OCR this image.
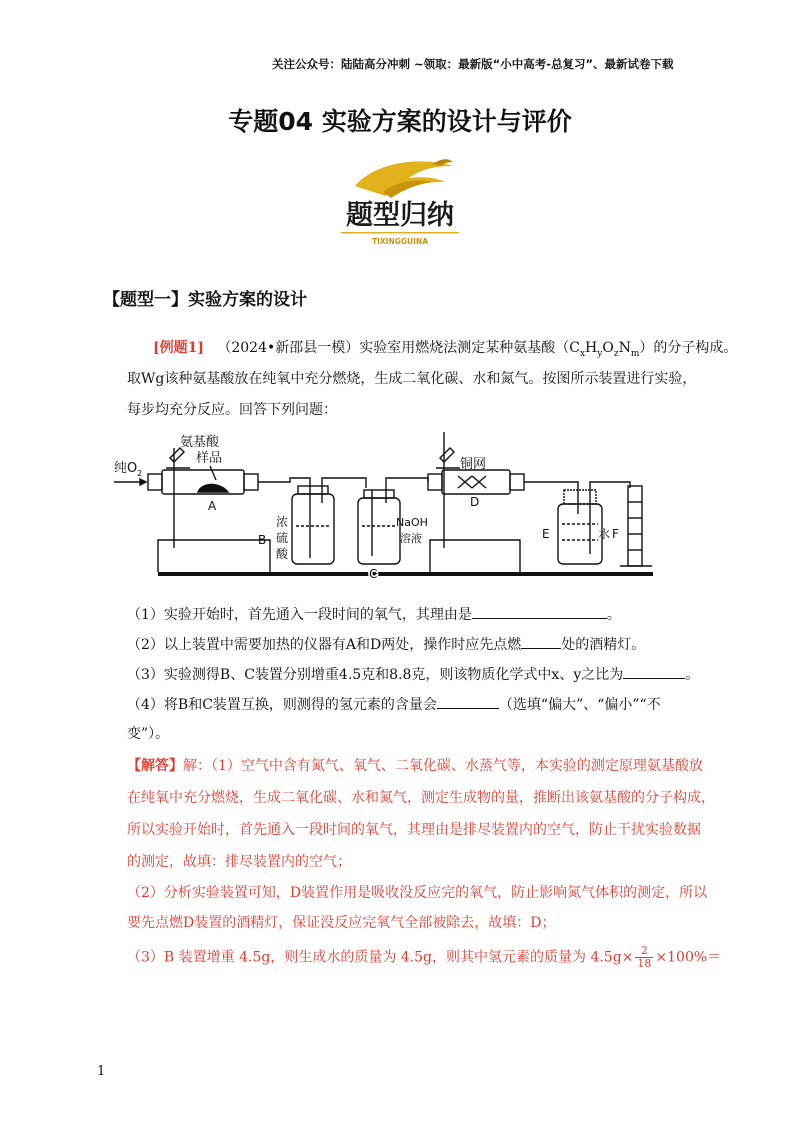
关注公众号：陆陆高分冲刺 ~领取：最新版“小中高考-总复习”、最新试卷下载
专题04 实验方案的设计与评价
题型归纳
TIXINGGUINA
【题型一】实验方案的设计
[例题1] （2024•新邵县一模）实验室用燃烧法测定某种氨基酸$(C_xH_yO_zN_m)$的分子构成。
取Wg该种氨基酸放在纯氧中充分燃烧，生成二氧化碳、水和氮气。按图所示装置进行实验，
每步均充分反应。回答下列问题：
纯O 2
氨基酸
样品
A
浓
硫
酸
B
NaOH
溶液
C
铜网
D
E	水 F
（1）实验开始时，首先通入一段时间的氧气，其理由是	。
（2）以上装置中需要加热的仪器有A和D两处，操作时应先点燃	处的酒精灯。
（3）实验测得B、C装置分别增重4.5克和8.8克，则该物质化学式中x、y之比为	。
（4）将B和C装置互换，则测得的氢元素的含量会	（选填“偏大”、“偏小”“不
变”）。
【解答】解：（1）空气中含有氮气、氧气、二氧化碳、水蒸气等，本实验的测定原理氨基酸放
在纯氧中充分燃烧，生成二氧化碳、水和氮气，测定生成物的量，推断出该氨基酸的分子构成，
所以实验开始时，首先通入一段时间的氧气，其理由是排尽装置内的空气，防止干扰实验数据
的测定，故填：排尽装置内的空气；
（2）分析实验装置可知，D装置作用是吸收没反应完的氧气，防止影响氮气体积的测定，所以
要先点燃D装置的酒精灯，保证没反应完氧气全部被除去，故填：D；
（3）B 装置增重 4.5g，则生成水的质量为 4.5g，则其中氢元素的质量为 $4.5g\times \frac{2}{18} \times 100\%=$
1
